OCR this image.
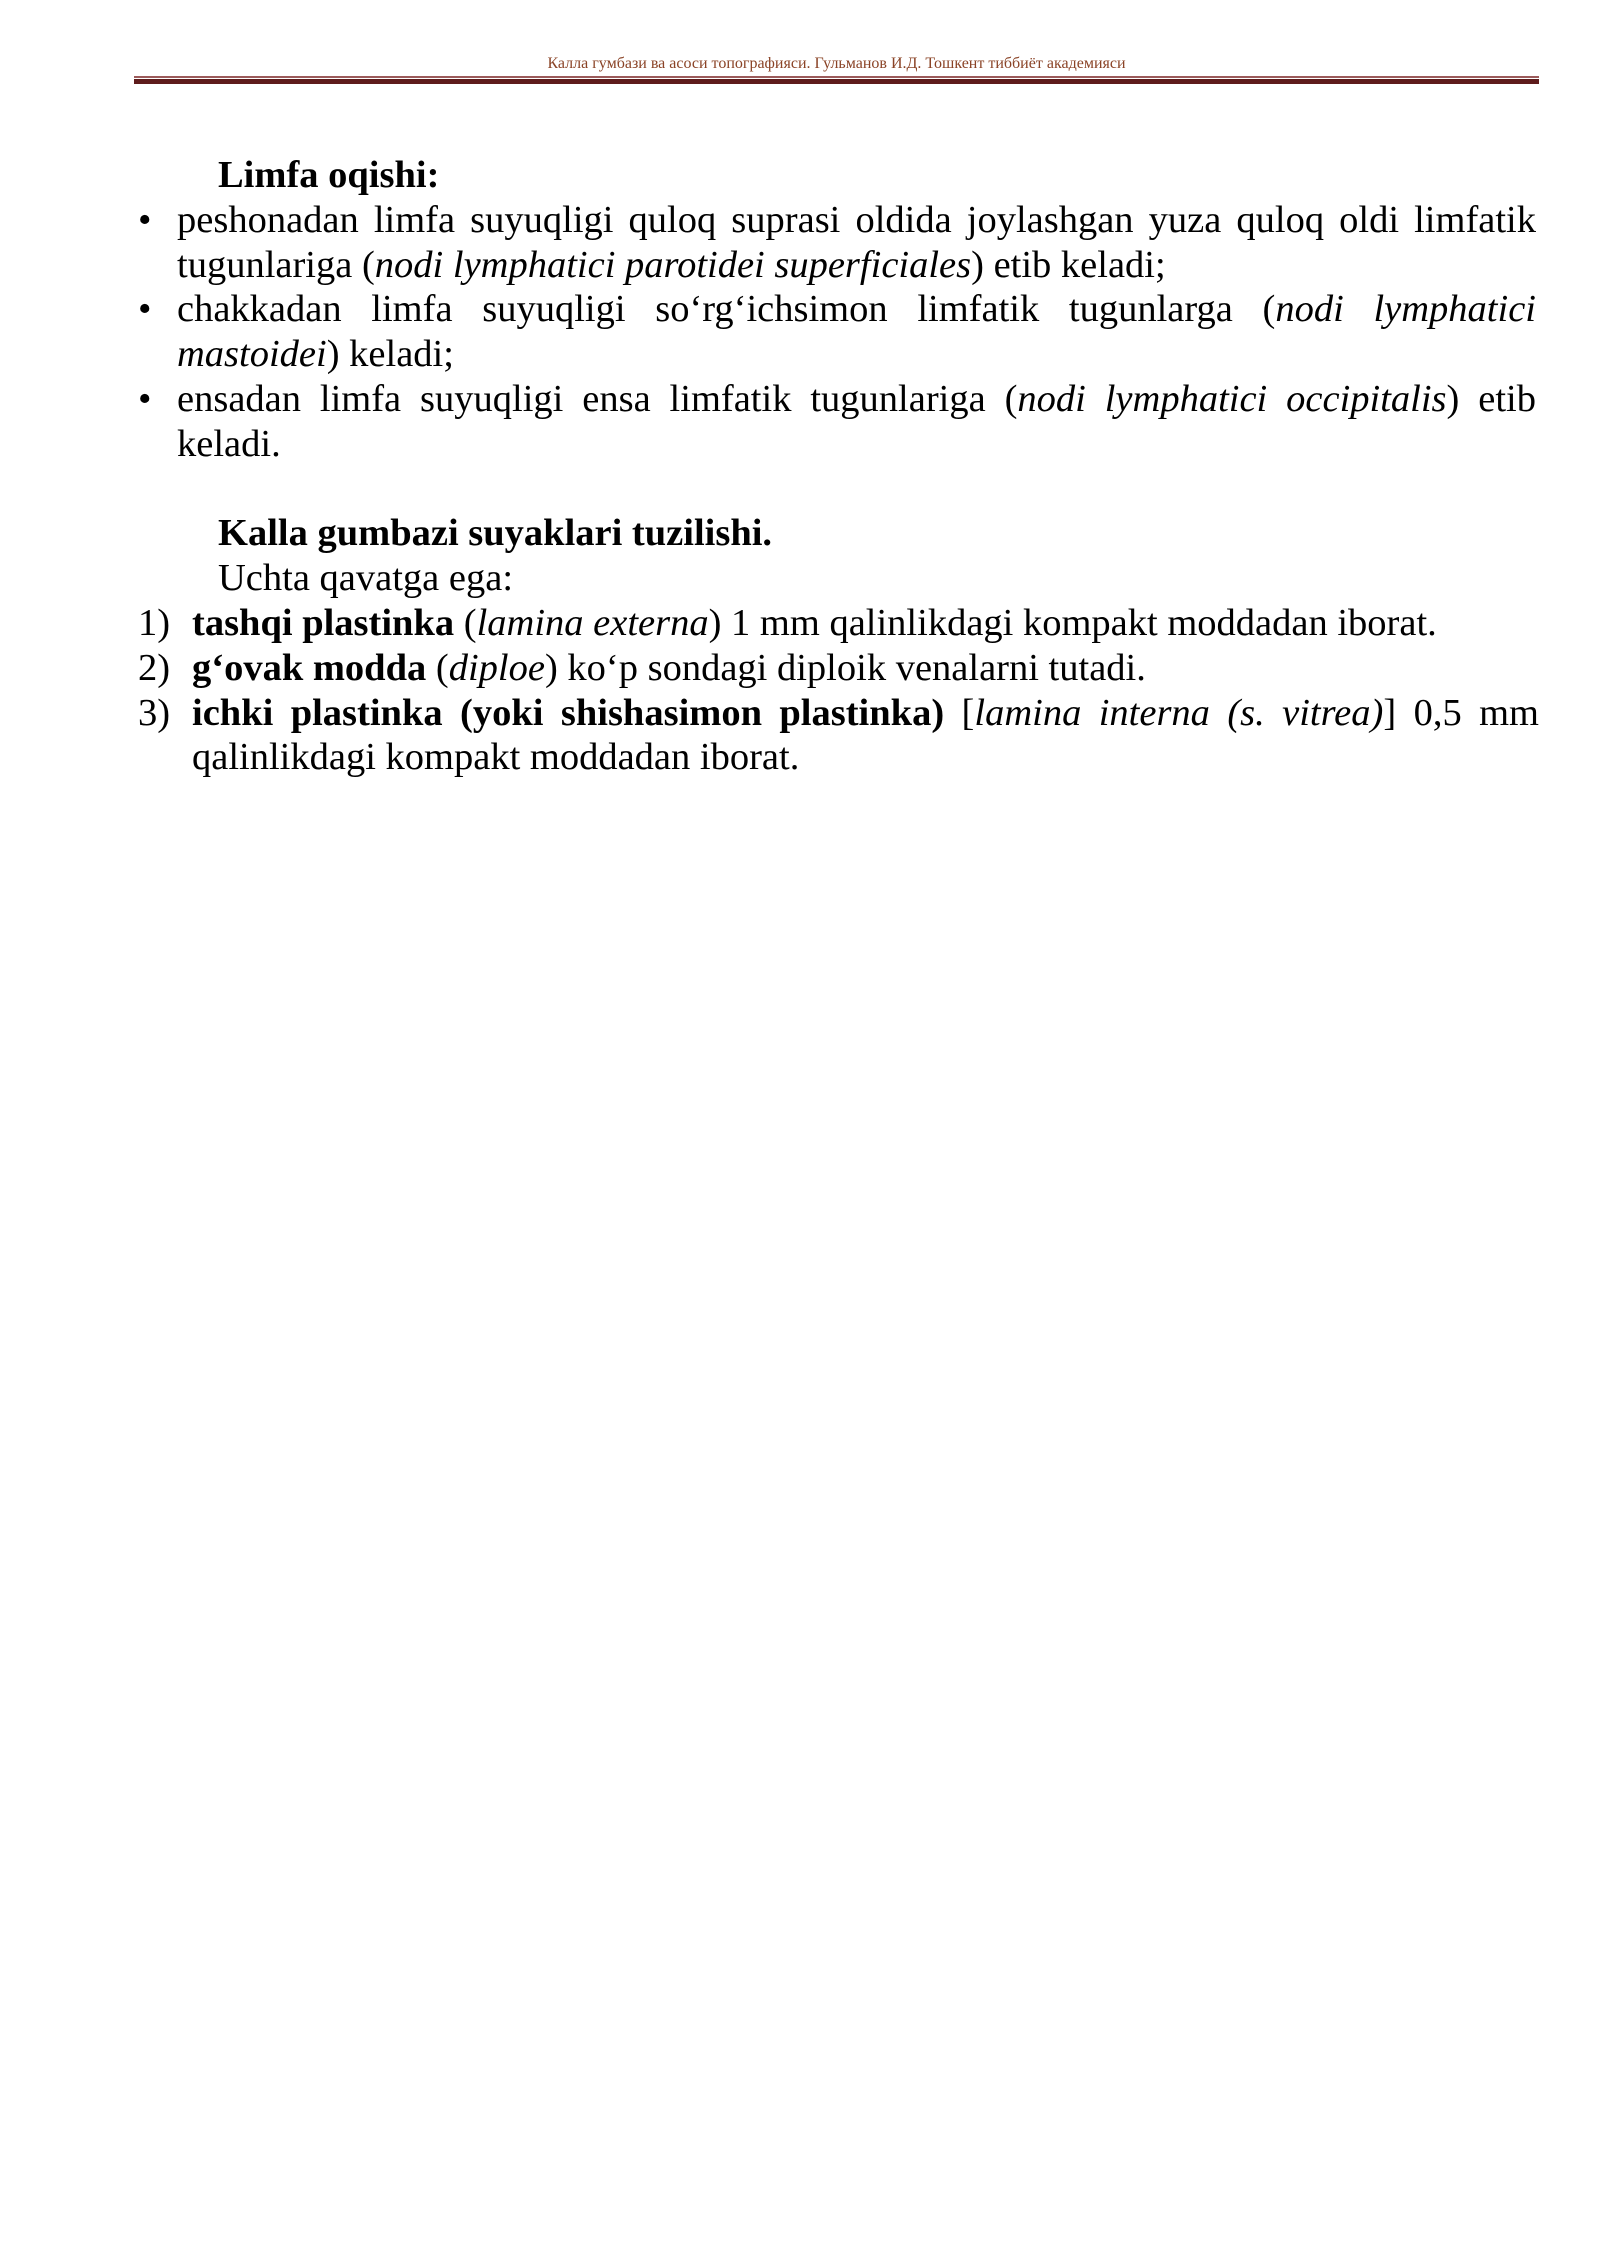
Калла гумбази ва асоси топографияси. Гульманов И.Д. Тошкент тиббиёт академияси

Limfa oqishi:

• peshonadan limfa suyuqligi quloq suprasi oldida joylashgan yuza quloq oldi limfatik tugunlariga (nodi lymphatici parotidei superficiales) etib keladi;

• chakkadan limfa suyuqligi so‘rg‘ichsimon limfatik tugunlarga (nodi lymphatici mastoidei) keladi;

• ensadan limfa suyuqligi ensa limfatik tugunlariga (nodi lymphatici occipitalis) etib keladi.

Kalla gumbazi suyaklari tuzilishi.

Uchta qavatga ega:

1) tashqi plastinka (lamina externa) 1 mm qalinlikdagi kompakt moddadan iborat.

2) g‘ovak modda (diploe) ko‘p sondagi diploik venalarni tutadi.

3) ichki plastinka (yoki shishasimon plastinka) [lamina interna (s. vitrea)] 0,5 mm qalinlikdagi kompakt moddadan iborat.
